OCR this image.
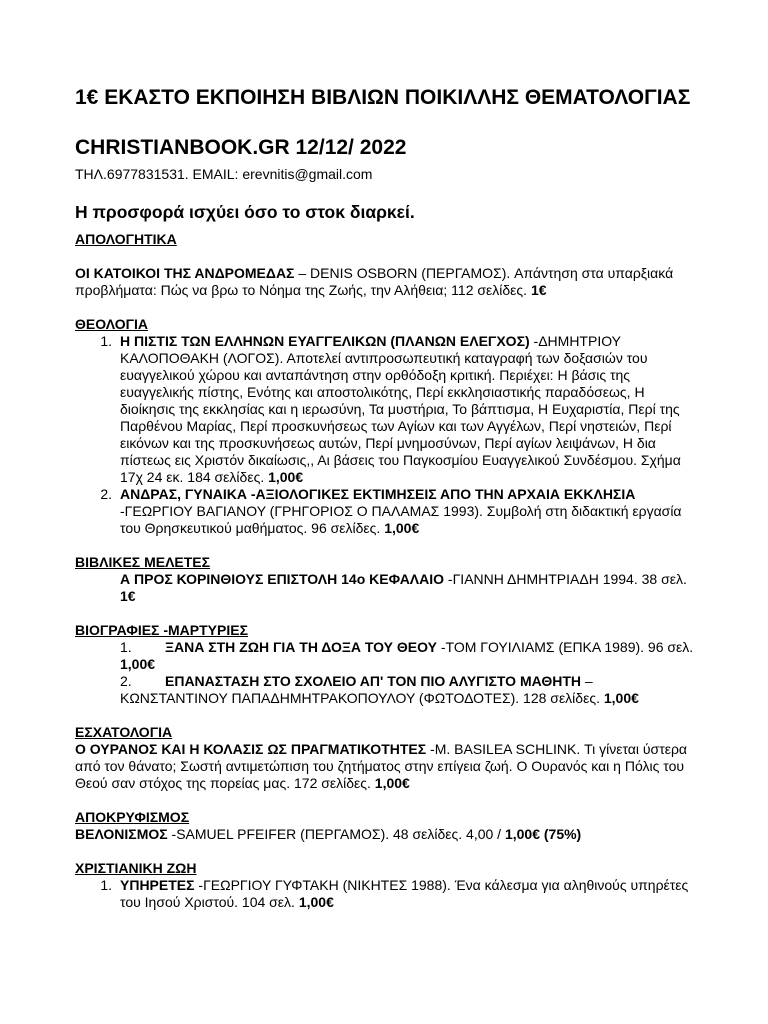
1€ ΕΚΑΣΤΟ ΕΚΠΟΙΗΣΗ ΒΙΒΛΙΩΝ ΠΟΙΚΙΛΛΗΣ ΘΕΜΑΤΟΛΟΓΙΑΣ

CHRISTIANBOOK.GR 12/12/ 2022

ΤΗΛ.6977831531. EMAIL: erevnitis@gmail.com

Η προσφορά ισχύει όσο το στοκ διαρκεί.

ΑΠΟΛΟΓΗΤΙΚΑ

ΟΙ ΚΑΤΟΙΚΟΙ ΤΗΣ ΑΝΔΡΟΜΕΔΑΣ – DENIS OSBORN (ΠΕΡΓΑΜΟΣ). Απάντηση στα υπαρξιακά προβλήματα: Πώς να βρω το Νόημα της Ζωής, την Αλήθεια; 112 σελίδες. 1€

ΘΕΟΛΟΓΙΑ

1. Η ΠΙΣΤΙΣ ΤΩΝ ΕΛΛΗΝΩΝ ΕΥΑΓΓΕΛΙΚΩΝ (ΠΛΑΝΩΝ ΕΛΕΓΧΟΣ) -ΔΗΜΗΤΡΙΟΥ ΚΑΛΟΠΟΘΑΚΗ (ΛΟΓΟΣ). Αποτελεί αντιπροσωπευτική καταγραφή των δοξασιών του ευαγγελικού χώρου και ανταπάντηση στην ορθόδοξη κριτική. Περιέχει: Η βάσις της ευαγγελικής πίστης, Ενότης και αποστολικότης, Περί εκκλησιαστικής παραδόσεως, Η διοίκησις της εκκλησίας και η ιερωσύνη, Τα μυστήρια, Το βάπτισμα, Η Ευχαριστία, Περί της Παρθένου Μαρίας, Περί προσκυνήσεως των Αγίων και των Αγγέλων, Περί νηστειών, Περί εικόνων και της προσκυνήσεως αυτών, Περί μνημοσύνων, Περί αγίων λειψάνων, Η δια πίστεως εις Χριστόν δικαίωσις,, Αι βάσεις του Παγκοσμίου Ευαγγελικού Συνδέσμου. Σχήμα 17χ 24 εκ. 184 σελίδες. 1,00€
2. ΑΝΔΡΑΣ, ΓΥΝΑΙΚΑ -ΑΞΙΟΛΟΓΙΚΕΣ ΕΚΤΙΜΗΣΕΙΣ ΑΠΟ ΤΗΝ ΑΡΧΑΙΑ ΕΚΚΛΗΣΙΑ -ΓΕΩΡΓΙΟΥ ΒΑΓΙΑΝΟΥ (ΓΡΗΓΟΡΙΟΣ Ο ΠΑΛΑΜΑΣ 1993). Συμβολή στη διδακτική εργασία του Θρησκευτικού μαθήματος. 96 σελίδες. 1,00€

ΒΙΒΛΙΚΕΣ ΜΕΛΕΤΕΣ

Α ΠΡΟΣ ΚΟΡΙΝΘΙΟΥΣ ΕΠΙΣΤΟΛΗ 14ο ΚΕΦΑΛΑΙΟ -ΓΙΑΝΝΗ ΔΗΜΗΤΡΙΑΔΗ 1994. 38 σελ. 1€

ΒΙΟΓΡΑΦΙΕΣ -ΜΑΡΤΥΡΙΕΣ

1. ΞΑΝΑ ΣΤΗ ΖΩΗ ΓΙΑ ΤΗ ΔΟΞΑ ΤΟΥ ΘΕΟΥ -ΤΟΜ ΓΟΥΙΛΙΑΜΣ (ΕΠΚΑ 1989). 96 σελ. 1,00€
2. ΕΠΑΝΑΣΤΑΣΗ ΣΤΟ ΣΧΟΛΕΙΟ ΑΠ' ΤΟΝ ΠΙΟ ΑΛΥΓΙΣΤΟ ΜΑΘΗΤΗ – ΚΩΝΣΤΑΝΤΙΝΟΥ ΠΑΠΑΔΗΜΗΤΡΑΚΟΠΟΥΛΟΥ (ΦΩΤΟΔΟΤΕΣ). 128 σελίδες. 1,00€

ΕΣΧΑΤΟΛΟΓΙΑ

Ο ΟΥΡΑΝΟΣ ΚΑΙ Η ΚΟΛΑΣΙΣ ΩΣ ΠΡΑΓΜΑΤΙΚΟΤΗΤΕΣ -Μ. BASILEA SCHLINK. Τι γίνεται ύστερα από τον θάνατο; Σωστή αντιμετώπιση του ζητήματος στην επίγεια ζωή. Ο Ουρανός και η Πόλις του Θεού σαν στόχος της πορείας μας. 172 σελίδες. 1,00€

ΑΠΟΚΡΥΦΙΣΜΟΣ

ΒΕΛΟΝΙΣΜΟΣ -SAMUEL PFEIFER (ΠΕΡΓΑΜΟΣ). 48 σελίδες. 4,00 / 1,00€ (75%)

ΧΡΙΣΤΙΑΝΙΚΗ ΖΩΗ

1. ΥΠΗΡΕΤΕΣ -ΓΕΩΡΓΙΟΥ ΓΥΦΤΑΚΗ (ΝΙΚΗΤΕΣ 1988). Ένα κάλεσμα για αληθινούς υπηρέτες του Ιησού Χριστού. 104 σελ. 1,00€
